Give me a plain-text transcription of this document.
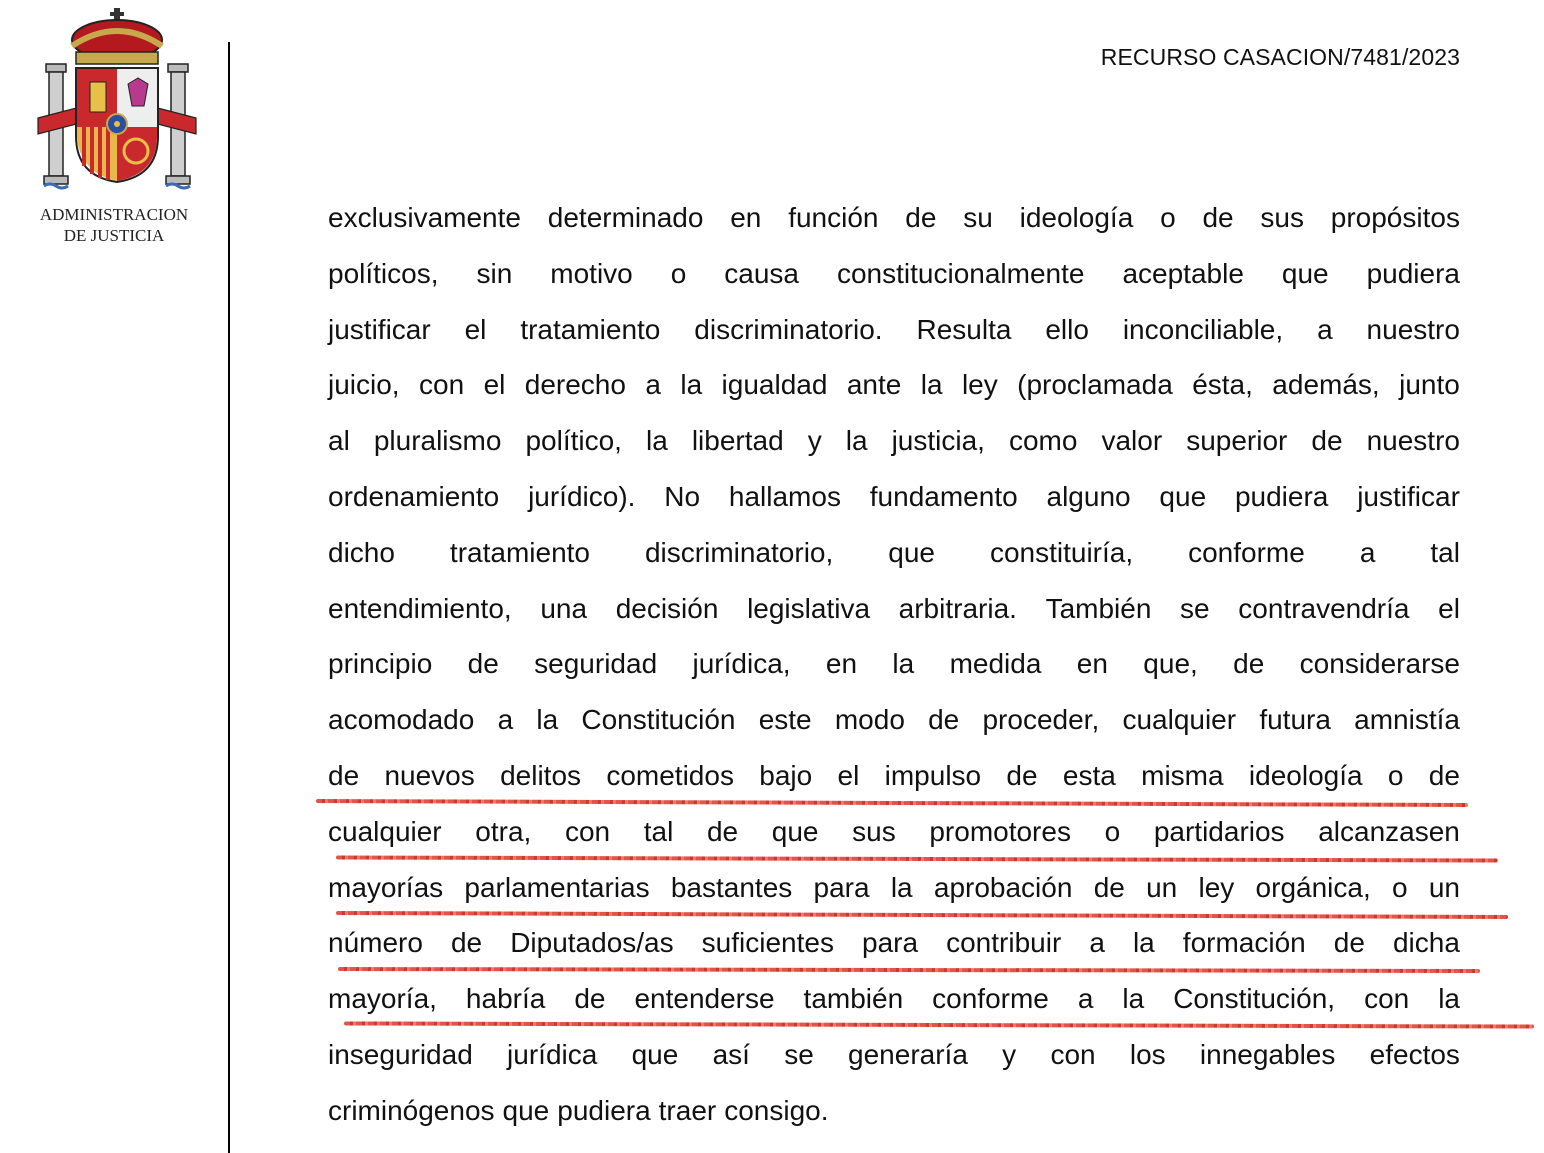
ADMINISTRACION
DE JUSTICIA
RECURSO CASACION/7481/2023
exclusivamente determinado en función de su ideología o de sus propósitos
políticos, sin motivo o causa constitucionalmente aceptable que pudiera
justificar el tratamiento discriminatorio. Resulta ello inconciliable, a nuestro
juicio, con el derecho a la igualdad ante la ley (proclamada ésta, además, junto
al pluralismo político, la libertad y la justicia, como valor superior de nuestro
ordenamiento jurídico). No hallamos fundamento alguno que pudiera justificar
dicho tratamiento discriminatorio, que constituiría, conforme a tal
entendimiento, una decisión legislativa arbitraria. También se contravendría el
principio de seguridad jurídica, en la medida en que, de considerarse
acomodado a la Constitución este modo de proceder, cualquier futura amnistía
de nuevos delitos cometidos bajo el impulso de esta misma ideología o de
cualquier otra, con tal de que sus promotores o partidarios alcanzasen
mayorías parlamentarias bastantes para la aprobación de un ley orgánica, o un
número de Diputados/as suficientes para contribuir a la formación de dicha
mayoría, habría de entenderse también conforme a la Constitución, con la
inseguridad jurídica que así se generaría y con los innegables efectos
criminógenos que pudiera traer consigo.
